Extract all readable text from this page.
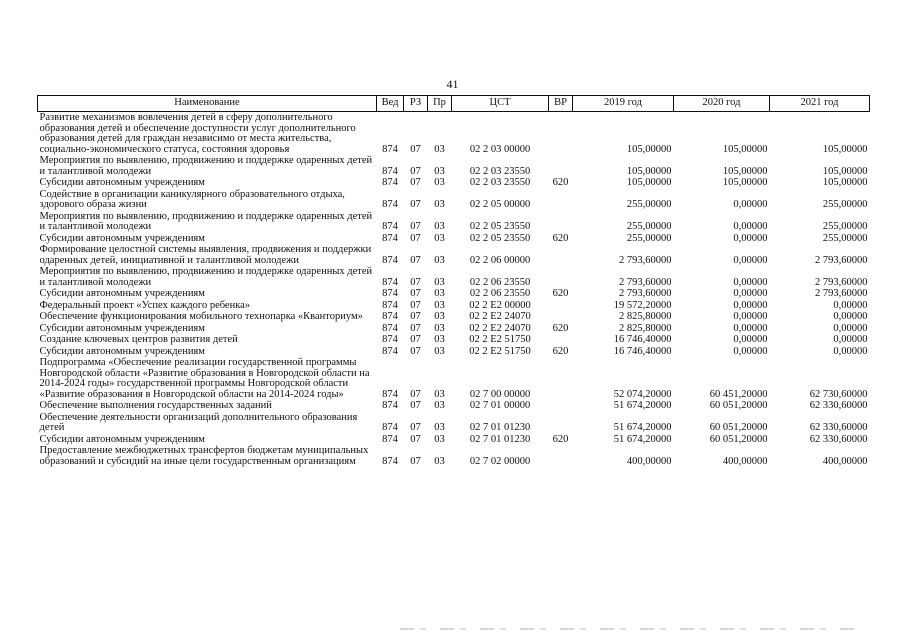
41
Наименование	Вед	РЗ	Пр	ЦСТ	ВР	2019 год	2020 год	2021 год
Развитие механизмов вовлечения детей в сферу дополнительного образования детей и обеспечение доступности услуг дополнительного образования детей для граждан независимо от места жительства, социально-экономического статуса, состояния здоровья	874	07	03	02 2 03 00000		105,00000	105,00000	105,00000
Мероприятия по выявлению, продвижению и поддержке одаренных детей и талантливой молодежи	874	07	03	02 2 03 23550		105,00000	105,00000	105,00000
Субсидии автономным учреждениям	874	07	03	02 2 03 23550	620	105,00000	105,00000	105,00000
Содействие в организации каникулярного образовательного отдыха, здорового образа жизни	874	07	03	02 2 05 00000		255,00000	0,00000	255,00000
Мероприятия по выявлению, продвижению и поддержке одаренных детей и талантливой молодежи	874	07	03	02 2 05 23550		255,00000	0,00000	255,00000
Субсидии автономным учреждениям	874	07	03	02 2 05 23550	620	255,00000	0,00000	255,00000
Формирование целостной системы выявления, продвижения и поддержки одаренных детей, инициативной и талантливой молодежи	874	07	03	02 2 06 00000		2 793,60000	0,00000	2 793,60000
Мероприятия по выявлению, продвижению и поддержке одаренных детей и талантливой молодежи	874	07	03	02 2 06 23550		2 793,60000	0,00000	2 793,60000
Субсидии автономным учреждениям	874	07	03	02 2 06 23550	620	2 793,60000	0,00000	2 793,60000
Федеральный проект «Успех каждого ребенка»	874	07	03	02 2 E2 00000		19 572,20000	0,00000	0,00000
Обеспечение функционирования мобильного технопарка «Кванториум»	874	07	03	02 2 E2 24070		2 825,80000	0,00000	0,00000
Субсидии автономным учреждениям	874	07	03	02 2 E2 24070	620	2 825,80000	0,00000	0,00000
Создание ключевых центров развития детей	874	07	03	02 2 E2 51750		16 746,40000	0,00000	0,00000
Субсидии автономным учреждениям	874	07	03	02 2 E2 51750	620	16 746,40000	0,00000	0,00000
Подпрограмма «Обеспечение реализации государственной программы Новгородской области «Развитие образования в Новгородской области на 2014-2024 годы» государственной программы Новгородской области «Развитие образования в Новгородской области на 2014-2024 годы»	874	07	03	02 7 00 00000		52 074,20000	60 451,20000	62 730,60000
Обеспечение выполнения государственных заданий	874	07	03	02 7 01 00000		51 674,20000	60 051,20000	62 330,60000
Обеспечение деятельности организаций дополнительного образования детей	874	07	03	02 7 01 01230		51 674,20000	60 051,20000	62 330,60000
Субсидии автономным учреждениям	874	07	03	02 7 01 01230	620	51 674,20000	60 051,20000	62 330,60000
Предоставление межбюджетных трансфертов бюджетам муниципальных образований и субсидий на иные цели государственным организациям	874	07	03	02 7 02 00000		400,00000	400,00000	400,00000
